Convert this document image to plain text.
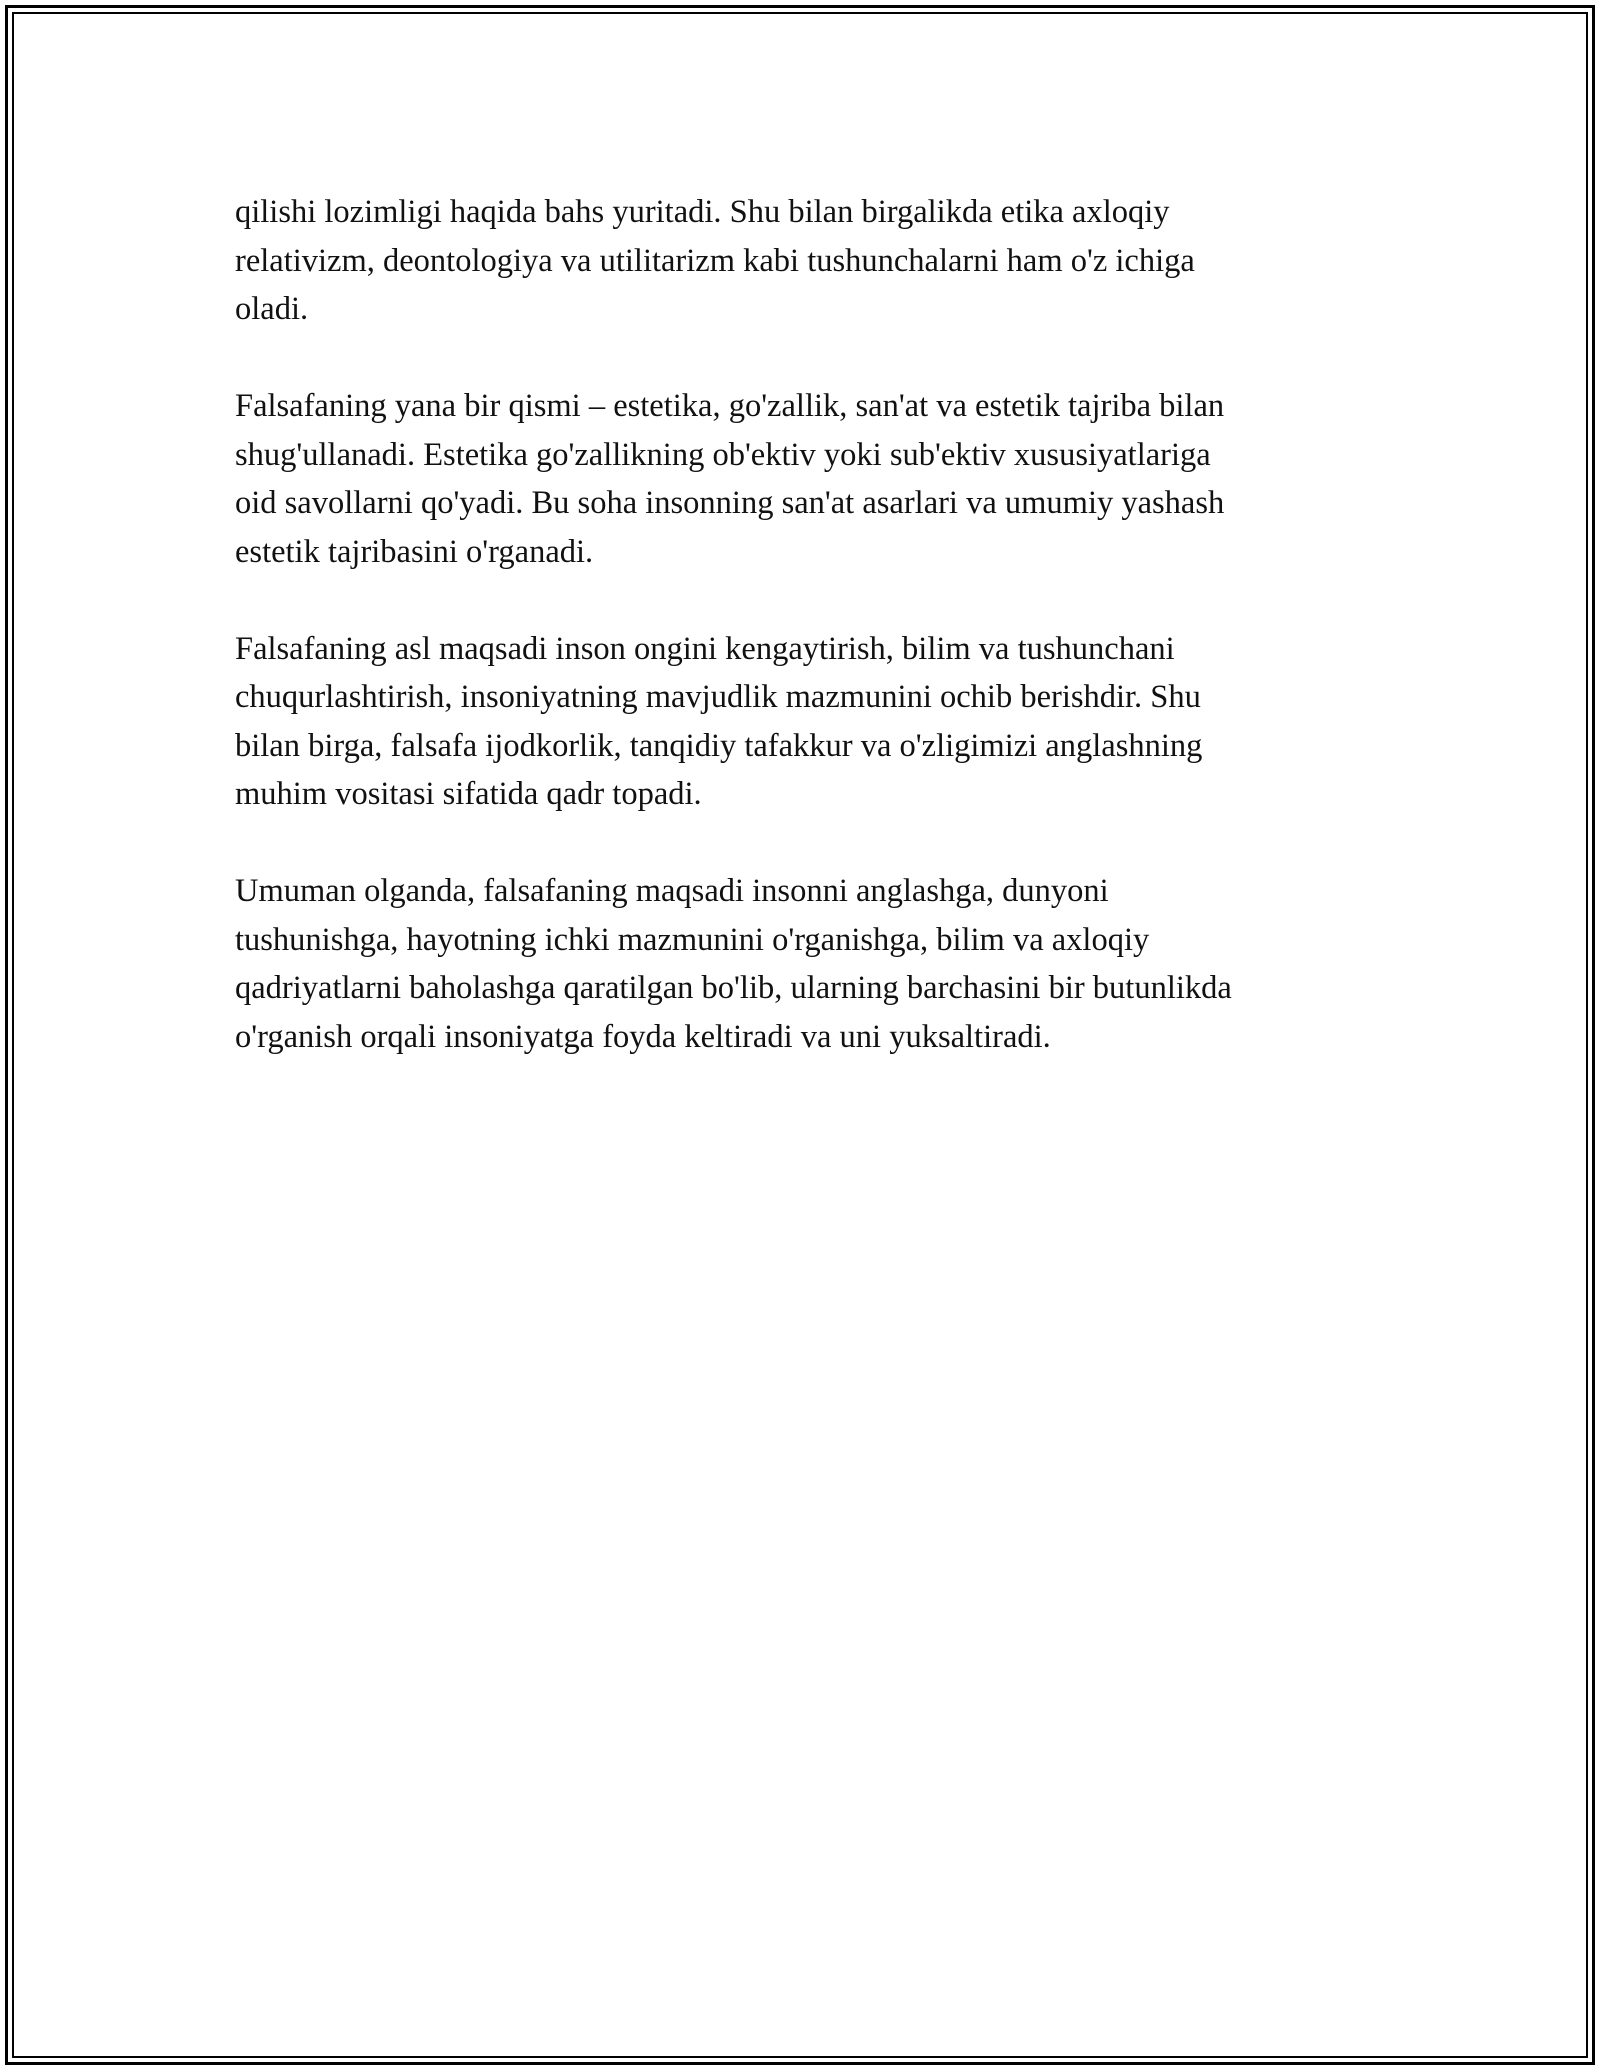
qilishi lozimligi haqida bahs yuritadi. Shu bilan birgalikda etika axloqiy
relativizm, deontologiya va utilitarizm kabi tushunchalarni ham o'z ichiga
oladi.

Falsafaning yana bir qismi – estetika, go'zallik, san'at va estetik tajriba bilan
shug'ullanadi. Estetika go'zallikning ob'ektiv yoki sub'ektiv xususiyatlariga
oid savollarni qo'yadi. Bu soha insonning san'at asarlari va umumiy yashash
estetik tajribasini o'rganadi.

Falsafaning asl maqsadi inson ongini kengaytirish, bilim va tushunchani
chuqurlashtirish, insoniyatning mavjudlik mazmunini ochib berishdir. Shu
bilan birga, falsafa ijodkorlik, tanqidiy tafakkur va o'zligimizi anglashning
muhim vositasi sifatida qadr topadi.

Umuman olganda, falsafaning maqsadi insonni anglashga, dunyoni
tushunishga, hayotning ichki mazmunini o'rganishga, bilim va axloqiy
qadriyatlarni baholashga qaratilgan bo'lib, ularning barchasini bir butunlikda
o'rganish orqali insoniyatga foyda keltiradi va uni yuksaltiradi.
